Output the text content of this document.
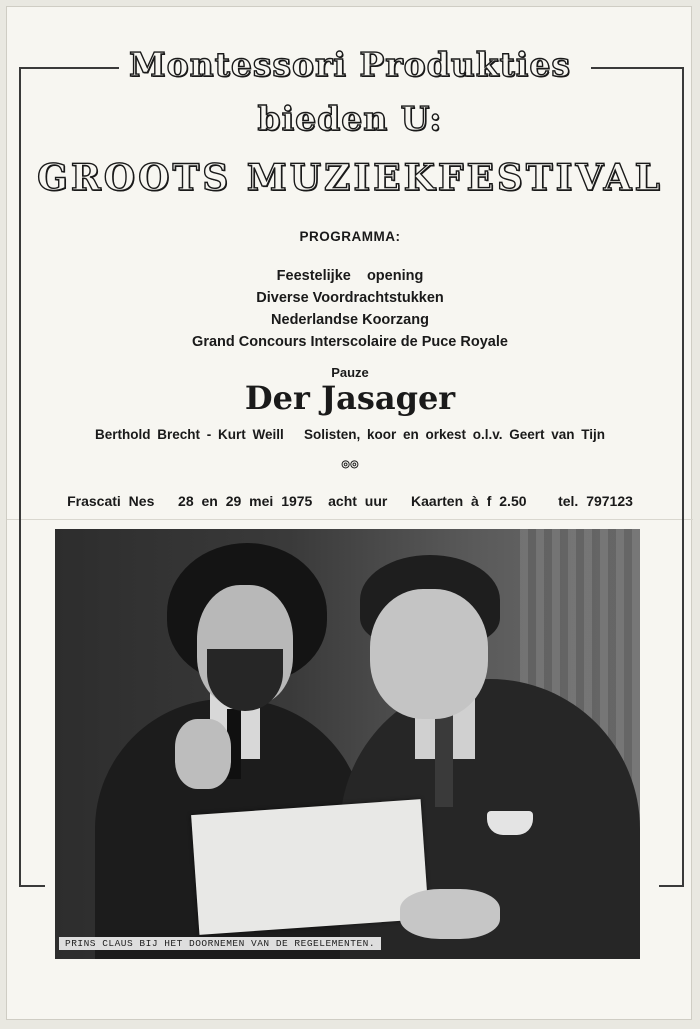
Montessori Produkties
bieden U:
GROOTS MUZIEKFESTIVAL
PROGRAMMA:
Feestelijke    opening
Diverse Voordrachtstukken
Nederlandse Koorzang
Grand Concours Interscolaire de Puce Royale
Pauze
Der Jasager
Berthold Brecht - Kurt Weill   Solisten, koor en orkest o.l.v. Geert van Tijn
◎◎
Frascati Nes   28 en 29 mei 1975  acht uur   Kaarten à f 2.50    tel. 797123
PRINS CLAUS BIJ HET DOORNEMEN VAN DE REGELEMENTEN.
